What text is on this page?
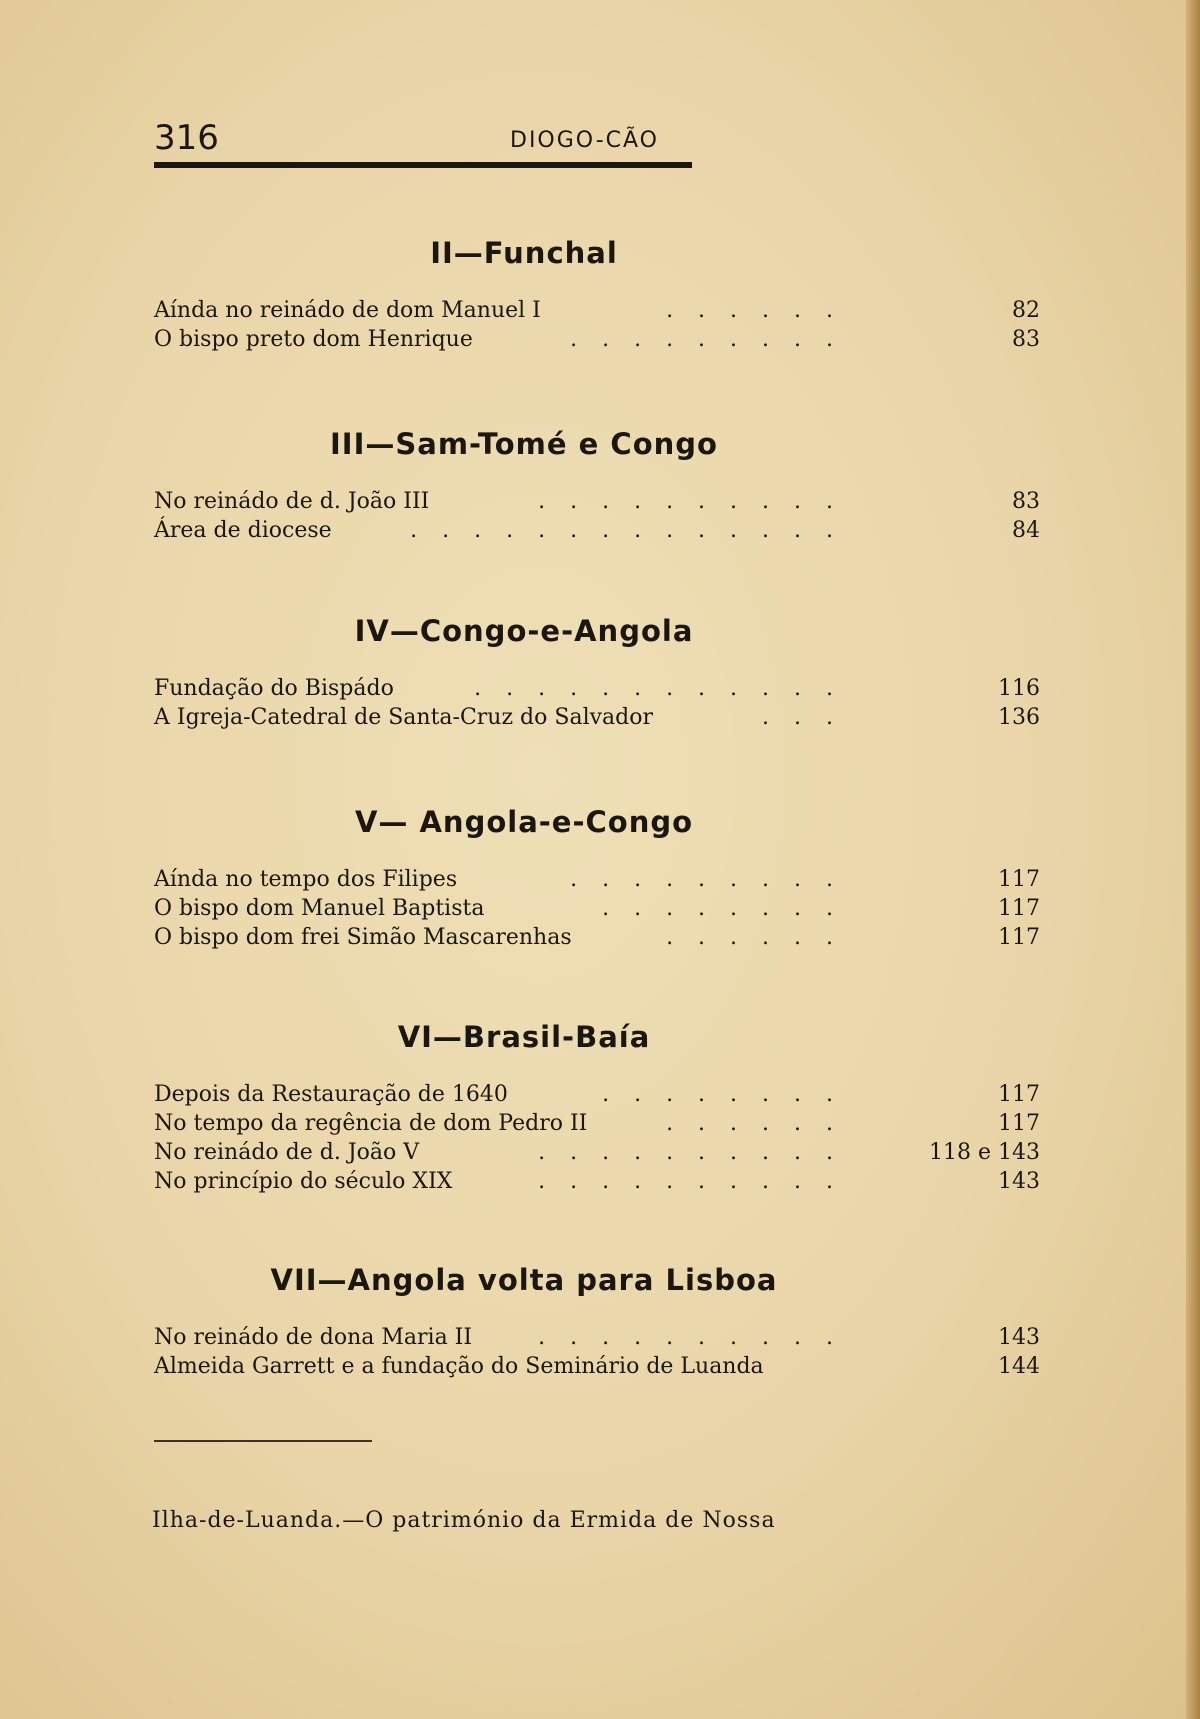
316	DIOGO-CÃO
II—Funchal
Aínda no reinádo de dom Manuel I	. . . . . .	82
O bispo preto dom Henrique	. . . . . . . . .	83
III—Sam-Tomé e Congo
No reinádo de d. João III	. . . . . . . . . .	83
Área de diocese	. . . . . . . . . . . . . .	84
IV—Congo-e-Angola
Fundação do Bispádo	. . . . . . . . . . . .	116
A Igreja-Catedral de Santa-Cruz do Salvador	. . .	136
V— Angola-e-Congo
Aínda no tempo dos Filipes	. . . . . . . . .	117
O bispo dom Manuel Baptista	. . . . . . . .	117
O bispo dom frei Simão Mascarenhas	. . . . . .	117
VI—Brasil-Baía
Depois da Restauração de 1640	. . . . . . . .	117
No tempo da regência de dom Pedro II	. . . . . .	117
No reinádo de d. João V	. . . . . . . . . .	118 e 143
No princípio do século XIX	. . . . . . . . . .	143
VII—Angola volta para Lisboa
No reinádo de dona Maria II	. . . . . . . . . .	143
Almeida Garrett e a fundação do Seminário de Luanda	144
Ilha-de-Luanda.—O património da Ermida de Nossa
